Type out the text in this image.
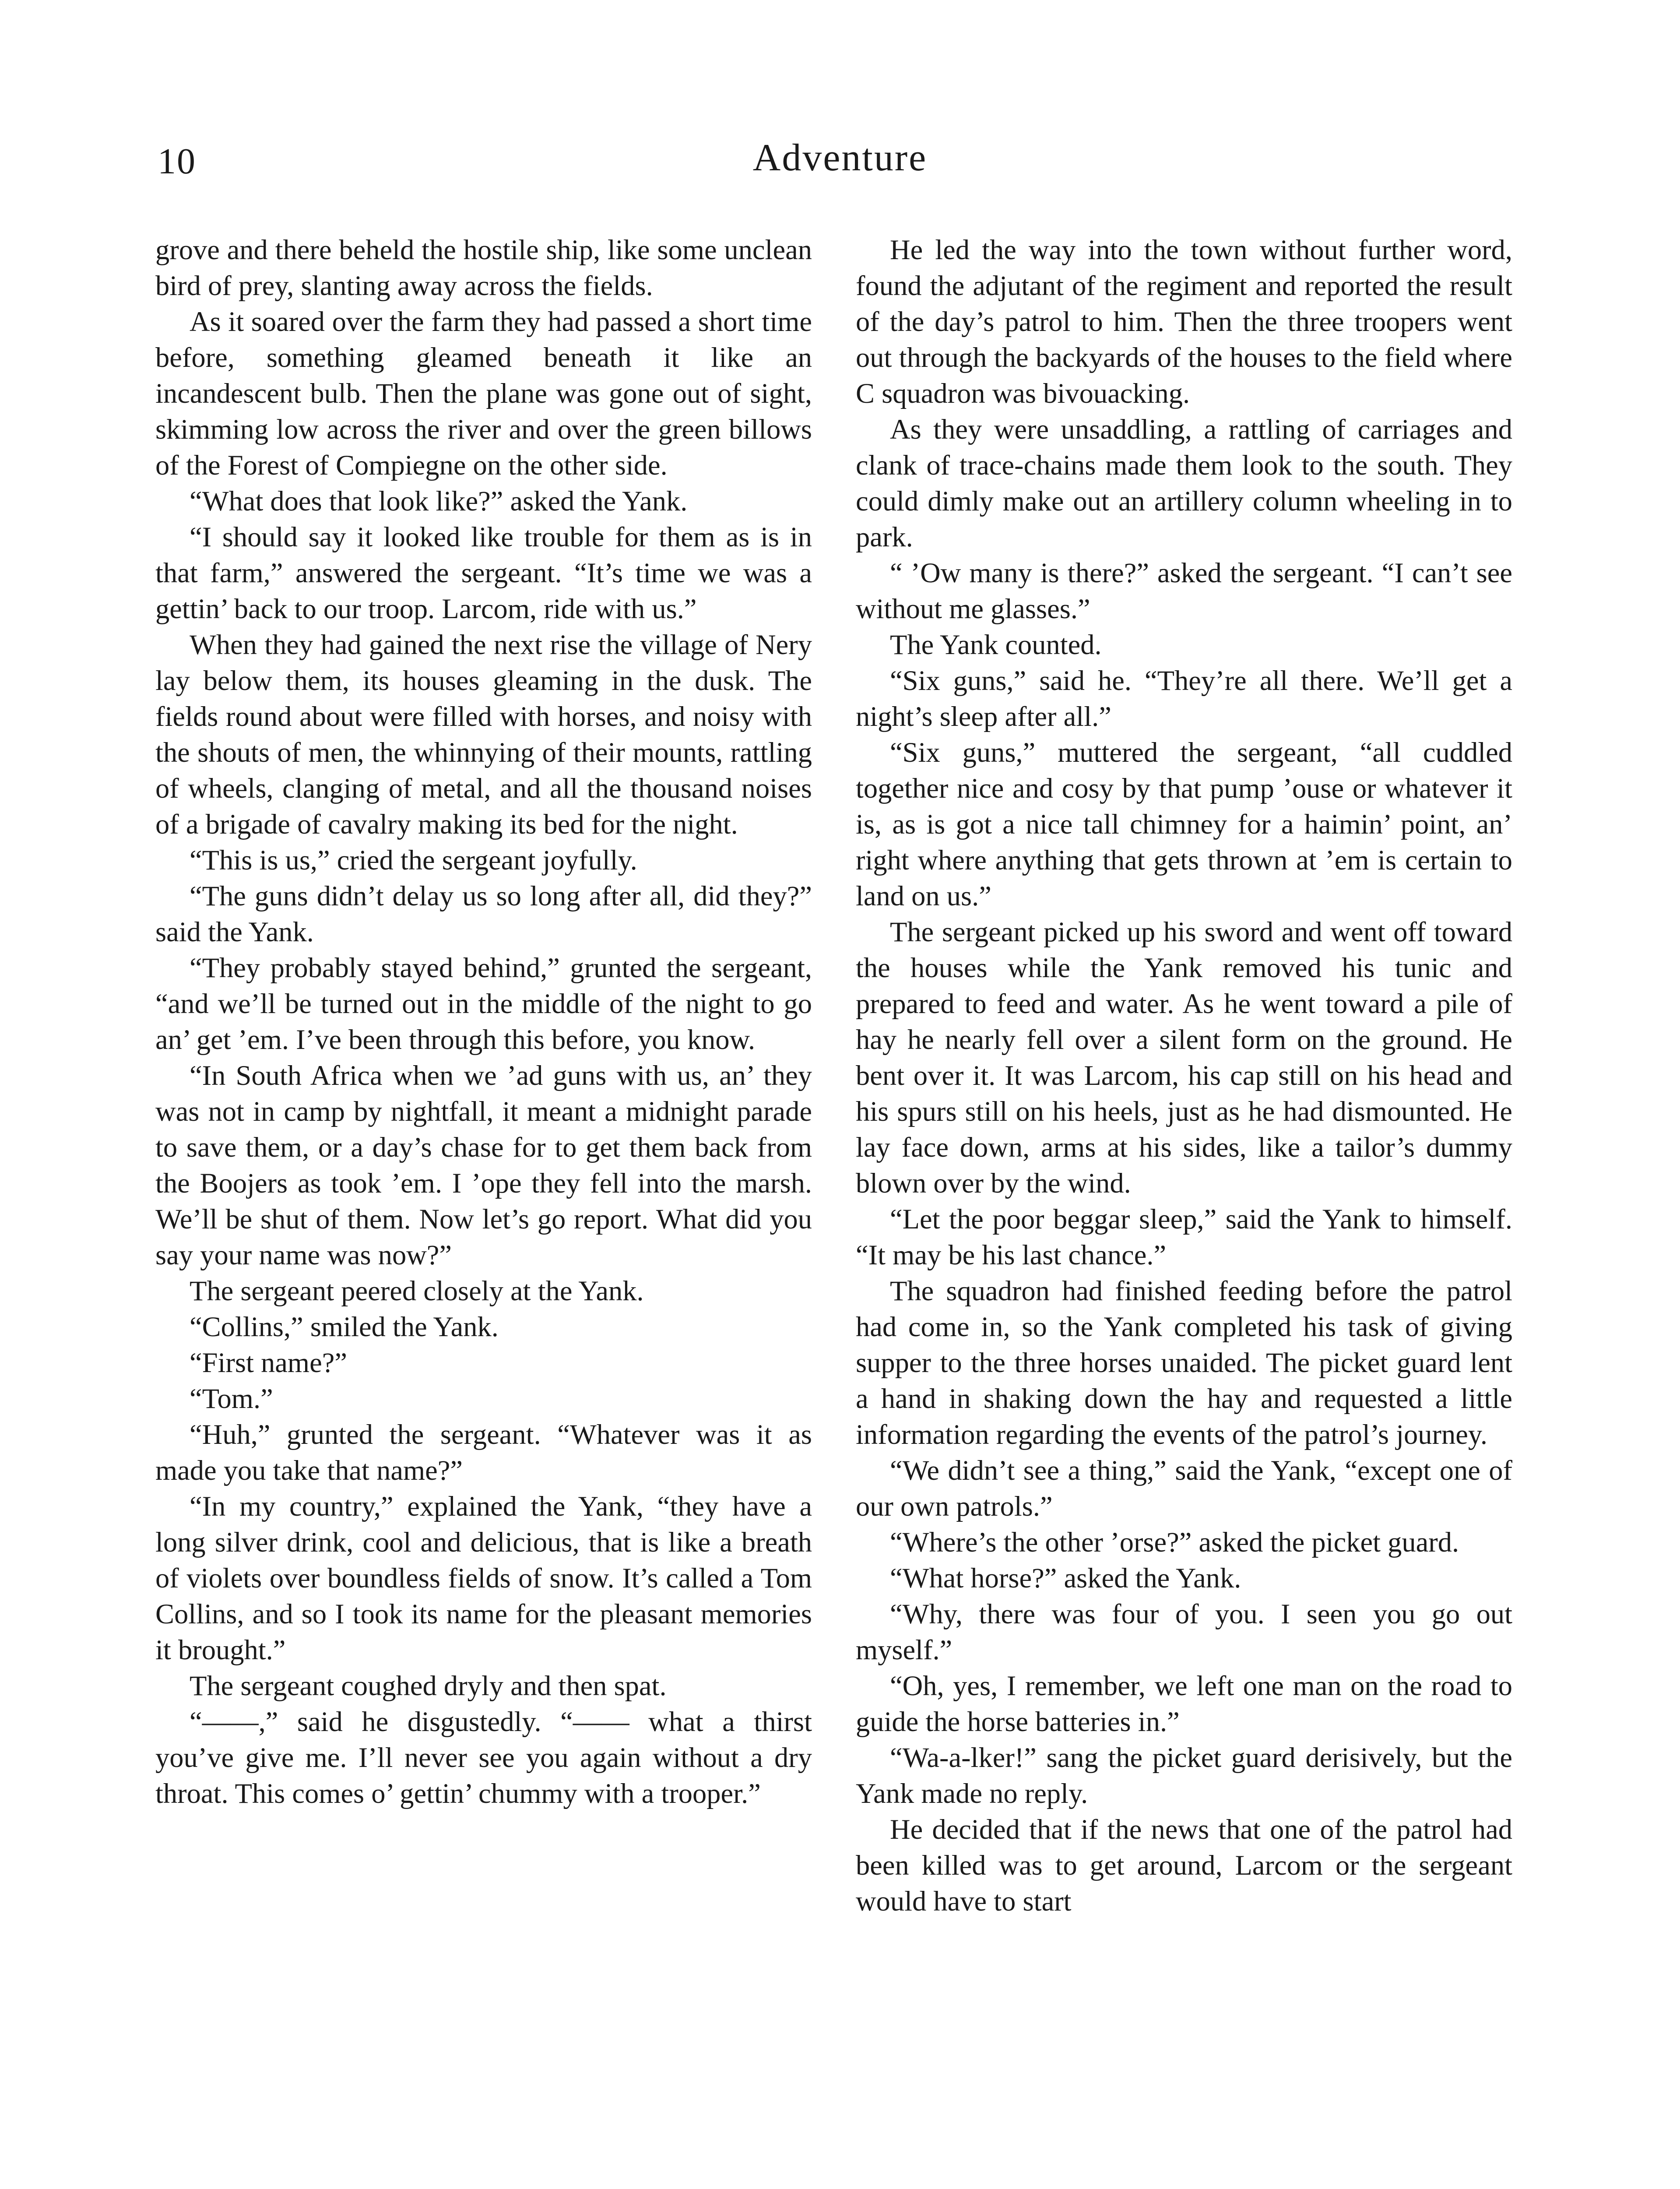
10	Adventure

grove and there beheld the hostile ship, like some unclean bird of prey, slanting away across the fields.

As it soared over the farm they had passed a short time before, something gleamed beneath it like an incandescent bulb. Then the plane was gone out of sight, skimming low across the river and over the green billows of the Forest of Compiegne on the other side.

“What does that look like?” asked the Yank.

“I should say it looked like trouble for them as is in that farm,” answered the sergeant. “It’s time we was a gettin’ back to our troop. Larcom, ride with us.”

When they had gained the next rise the village of Nery lay below them, its houses gleaming in the dusk. The fields round about were filled with horses, and noisy with the shouts of men, the whinnying of their mounts, rattling of wheels, clanging of metal, and all the thousand noises of a brigade of cavalry making its bed for the night.

“This is us,” cried the sergeant joyfully.

“The guns didn’t delay us so long after all, did they?” said the Yank.

“They probably stayed behind,” grunted the sergeant, “and we’ll be turned out in the middle of the night to go an’ get ’em. I’ve been through this before, you know.

“In South Africa when we ’ad guns with us, an’ they was not in camp by nightfall, it meant a midnight parade to save them, or a day’s chase for to get them back from the Boojers as took ’em. I ’ope they fell into the marsh. We’ll be shut of them. Now let’s go report. What did you say your name was now?”

The sergeant peered closely at the Yank.

“Collins,” smiled the Yank.

“First name?”

“Tom.”

“Huh,” grunted the sergeant. “Whatever was it as made you take that name?”

“In my country,” explained the Yank, “they have a long silver drink, cool and delicious, that is like a breath of violets over boundless fields of snow. It’s called a Tom Collins, and so I took its name for the pleasant memories it brought.”

The sergeant coughed dryly and then spat.

“——,” said he disgustedly. “—— what a thirst you’ve give me. I’ll never see you again without a dry throat. This comes o’ gettin’ chummy with a trooper.”

He led the way into the town without further word, found the adjutant of the regiment and reported the result of the day’s patrol to him. Then the three troopers went out through the backyards of the houses to the field where C squadron was bivouacking.

As they were unsaddling, a rattling of carriages and clank of trace-chains made them look to the south. They could dimly make out an artillery column wheeling in to park.

“ ’Ow many is there?” asked the sergeant. “I can’t see without me glasses.”

The Yank counted.

“Six guns,” said he. “They’re all there. We’ll get a night’s sleep after all.”

“Six guns,” muttered the sergeant, “all cuddled together nice and cosy by that pump ’ouse or whatever it is, as is got a nice tall chimney for a haimin’ point, an’ right where anything that gets thrown at ’em is certain to land on us.”

The sergeant picked up his sword and went off toward the houses while the Yank removed his tunic and prepared to feed and water. As he went toward a pile of hay he nearly fell over a silent form on the ground. He bent over it. It was Larcom, his cap still on his head and his spurs still on his heels, just as he had dismounted. He lay face down, arms at his sides, like a tailor’s dummy blown over by the wind.

“Let the poor beggar sleep,” said the Yank to himself. “It may be his last chance.”

The squadron had finished feeding before the patrol had come in, so the Yank completed his task of giving supper to the three horses unaided. The picket guard lent a hand in shaking down the hay and requested a little information regarding the events of the patrol’s journey.

“We didn’t see a thing,” said the Yank, “except one of our own patrols.”

“Where’s the other ’orse?” asked the picket guard.

“What horse?” asked the Yank.

“Why, there was four of you. I seen you go out myself.”

“Oh, yes, I remember, we left one man on the road to guide the horse batteries in.”

“Wa-a-lker!” sang the picket guard derisively, but the Yank made no reply.

He decided that if the news that one of the patrol had been killed was to get around, Larcom or the sergeant would have to start
